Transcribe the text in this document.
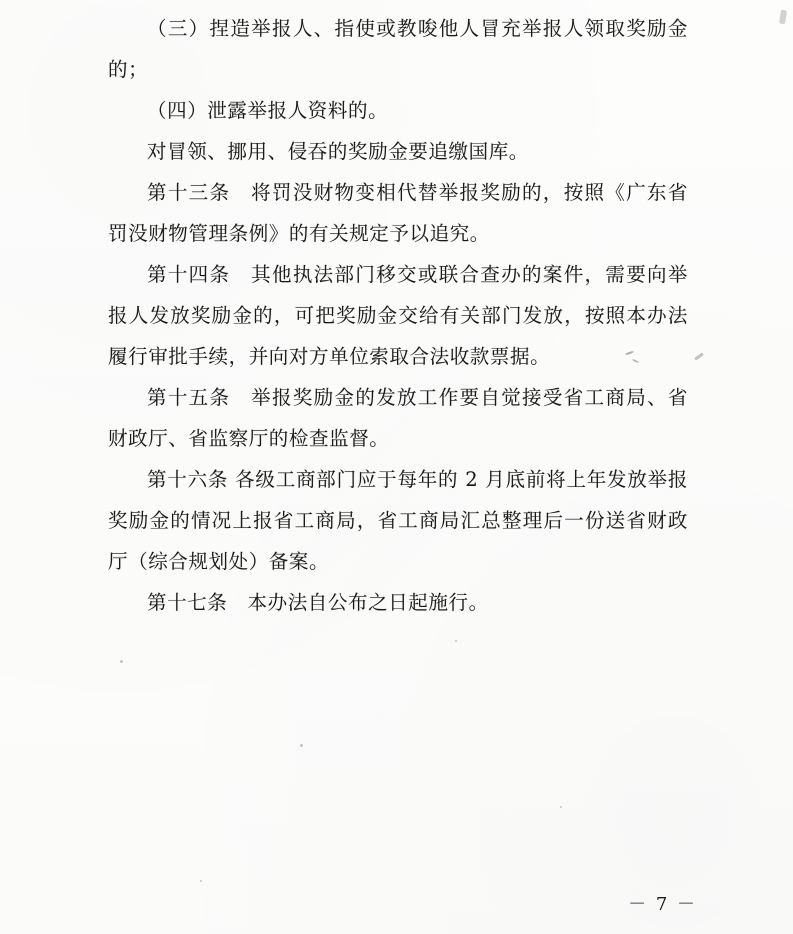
（三）捏造举报人、指使或教唆他人冒充举报人领取奖励金的；

（四）泄露举报人资料的。

对冒领、挪用、侵吞的奖励金要追缴国库。

第十三条　将罚没财物变相代替举报奖励的，按照《广东省罚没财物管理条例》的有关规定予以追究。

第十四条　其他执法部门移交或联合查办的案件，需要向举报人发放奖励金的，可把奖励金交给有关部门发放，按照本办法履行审批手续，并向对方单位索取合法收款票据。

第十五条　举报奖励金的发放工作要自觉接受省工商局、省财政厅、省监察厅的检查监督。

第十六条 各级工商部门应于每年的 2 月底前将上年发放举报奖励金的情况上报省工商局，省工商局汇总整理后一份送省财政厅（综合规划处）备案。

第十七条　本办法自公布之日起施行。

－ 7 －
